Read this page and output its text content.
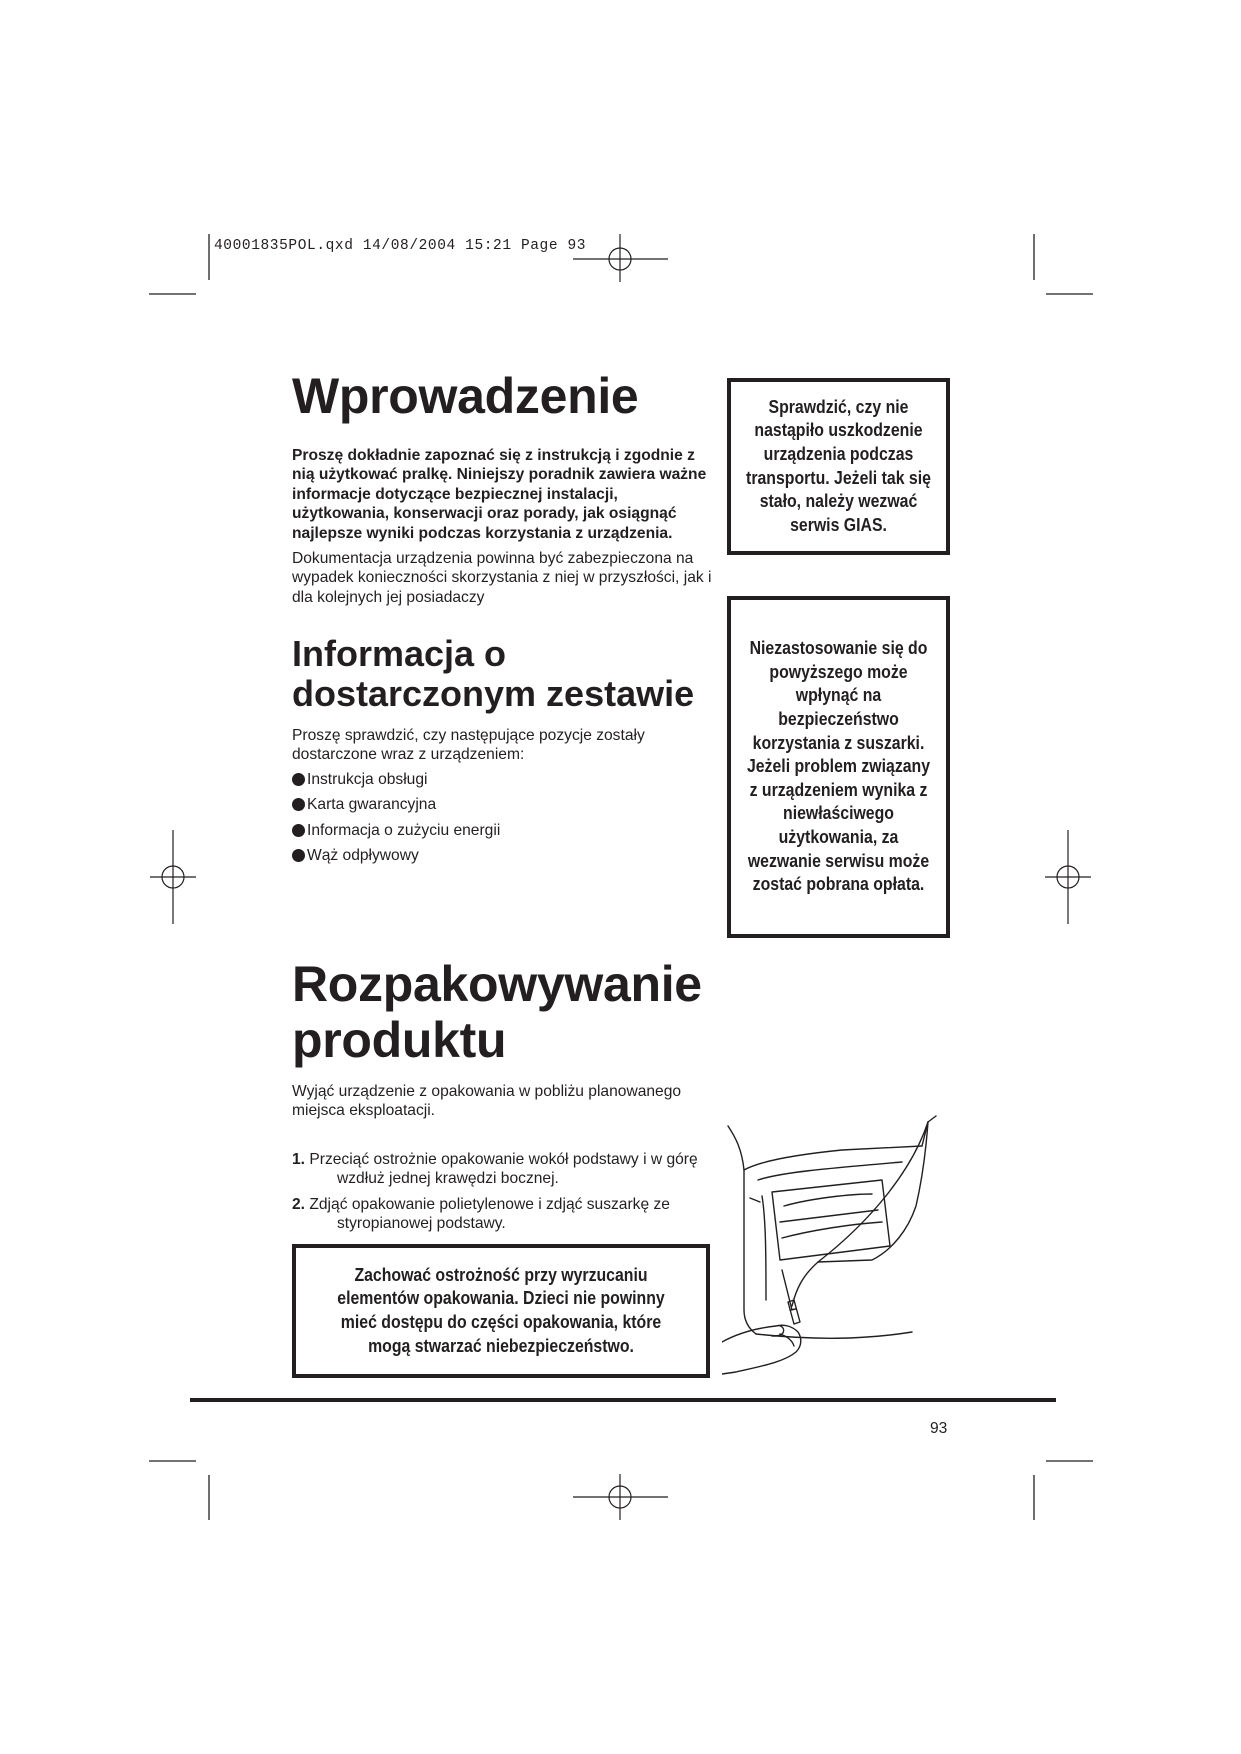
40001835POL.qxd 14/08/2004 15:21 Page 93
Wprowadzenie

Proszę dokładnie zapoznać się z instrukcją i zgodnie z nią użytkować pralkę. Niniejszy poradnik zawiera ważne informacje dotyczące bezpiecznej instalacji, użytkowania, konserwacji oraz porady, jak osiągnąć najlepsze wyniki podczas korzystania z urządzenia.

Dokumentacja urządzenia powinna być zabezpieczona na wypadek konieczności skorzystania z niej w przyszłości, jak i dla kolejnych jej posiadaczy

Informacja o
dostarczonym zestawie

Proszę sprawdzić, czy następujące pozycje zostały dostarczone wraz z urządzeniem:

Instrukcja obsługi
Karta gwarancyjna
Informacja o zużyciu energii
Wąż odpływowy
Rozpakowywanie
produktu

Wyjąć urządzenie z opakowania w pobliżu planowanego miejsca eksploatacji.

1. Przeciąć ostrożnie opakowanie wokół podstawy i w górę wzdłuż jednej krawędzi bocznej.
2. Zdjąć opakowanie polietylenowe i zdjąć suszarkę ze styropianowej podstawy.
Sprawdzić, czy nie nastąpiło uszkodzenie urządzenia podczas transportu. Jeżeli tak się stało, należy wezwać serwis GIAS.
Niezastosowanie się do powyższego może wpłynąć na bezpieczeństwo korzystania z suszarki. Jeżeli problem związany z urządzeniem wynika z niewłaściwego użytkowania, za wezwanie serwisu może zostać pobrana opłata.
Zachować ostrożność przy wyrzucaniu elementów opakowania. Dzieci nie powinny mieć dostępu do części opakowania, które mogą stwarzać niebezpieczeństwo.
93
